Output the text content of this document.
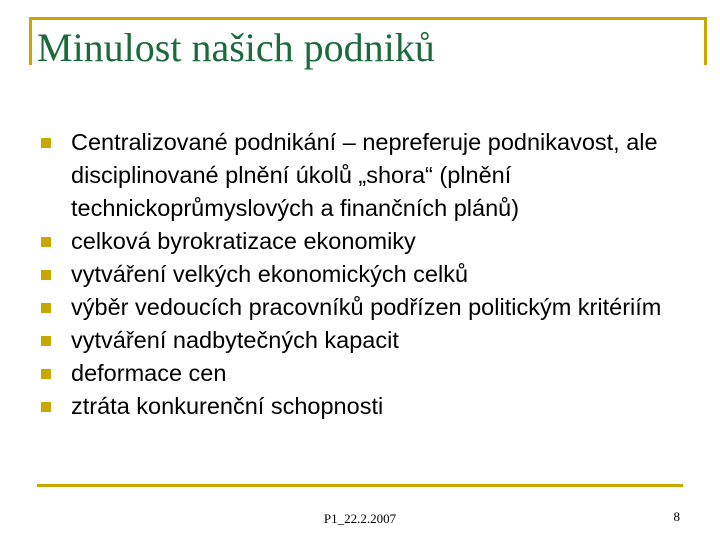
Minulost našich podniků
Centralizované podnikání – nepreferuje podnikavost, ale disciplinované plnění úkolů „shora“ (plnění technickoprůmyslových a finančních plánů)
celková byrokratizace ekonomiky
vytváření velkých ekonomických celků
výběr vedoucích pracovníků podřízen politickým kritériím
vytváření nadbytečných kapacit
deformace cen
ztráta konkurenční schopnosti
P1_22.2.2007	8
